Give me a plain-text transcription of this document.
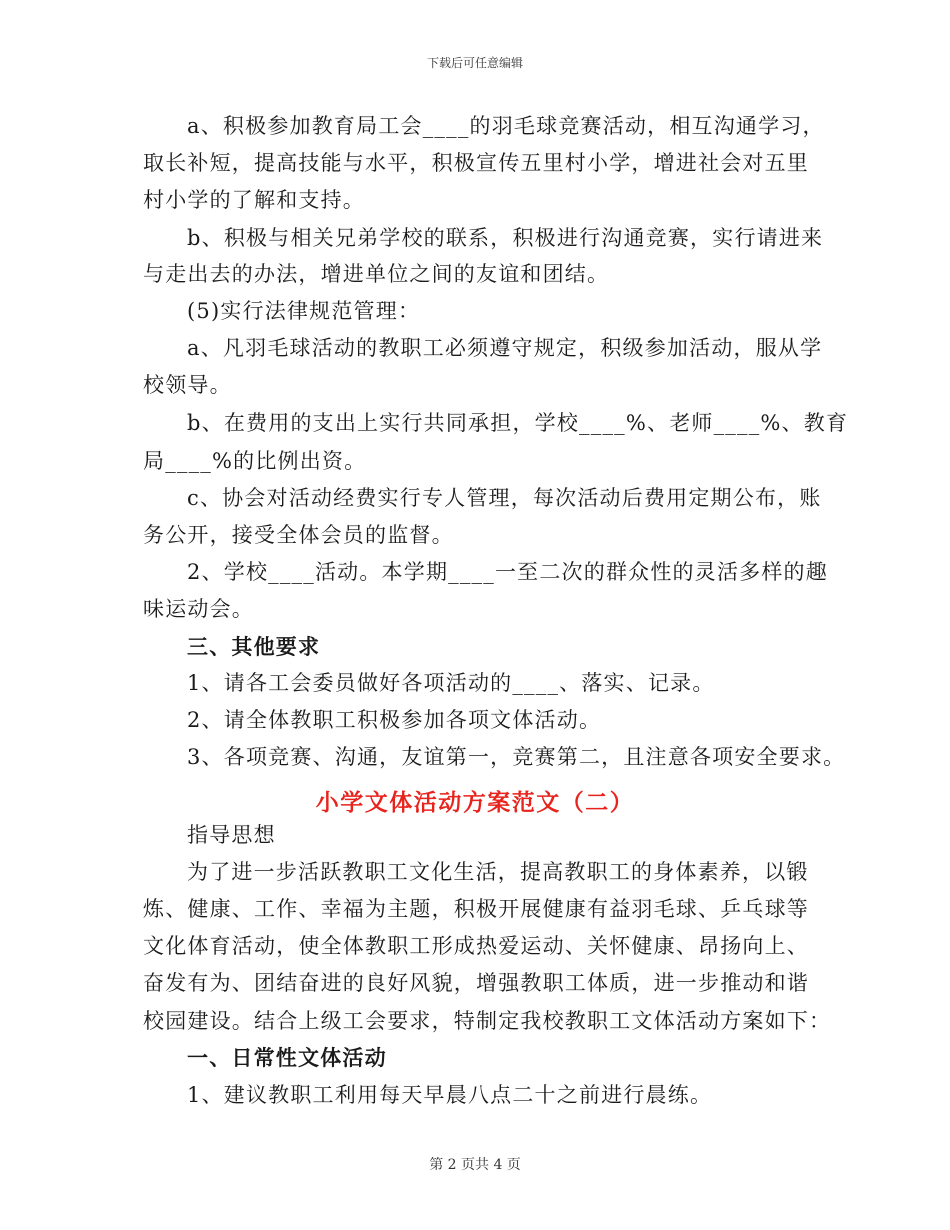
下载后可任意编辑
a、积极参加教育局工会____的羽毛球竞赛活动，相互沟通学习，
取长补短，提高技能与水平，积极宣传五里村小学，增进社会对五里
村小学的了解和支持。
b、积极与相关兄弟学校的联系，积极进行沟通竞赛，实行请进来
与走出去的办法，增进单位之间的友谊和团结。
(5)实行法律规范管理：
a、凡羽毛球活动的教职工必须遵守规定，积级参加活动，服从学
校领导。
b、在费用的支出上实行共同承担，学校____%、老师____%、教育
局____%的比例出资。
c、协会对活动经费实行专人管理，每次活动后费用定期公布，账
务公开，接受全体会员的监督。
2、学校____活动。本学期____一至二次的群众性的灵活多样的趣
味运动会。
三、其他要求
1、请各工会委员做好各项活动的____、落实、记录。
2、请全体教职工积极参加各项文体活动。
3、各项竞赛、沟通，友谊第一，竞赛第二，且注意各项安全要求。
小学文体活动方案范文（二）
指导思想
为了进一步活跃教职工文化生活，提高教职工的身体素养，以锻
炼、健康、工作、幸福为主题，积极开展健康有益羽毛球、乒乓球等
文化体育活动，使全体教职工形成热爱运动、关怀健康、昂扬向上、
奋发有为、团结奋进的良好风貌，增强教职工体质，进一步推动和谐
校园建设。结合上级工会要求，特制定我校教职工文体活动方案如下：
一、日常性文体活动
1、建议教职工利用每天早晨八点二十之前进行晨练。
第 2 页共 4 页
